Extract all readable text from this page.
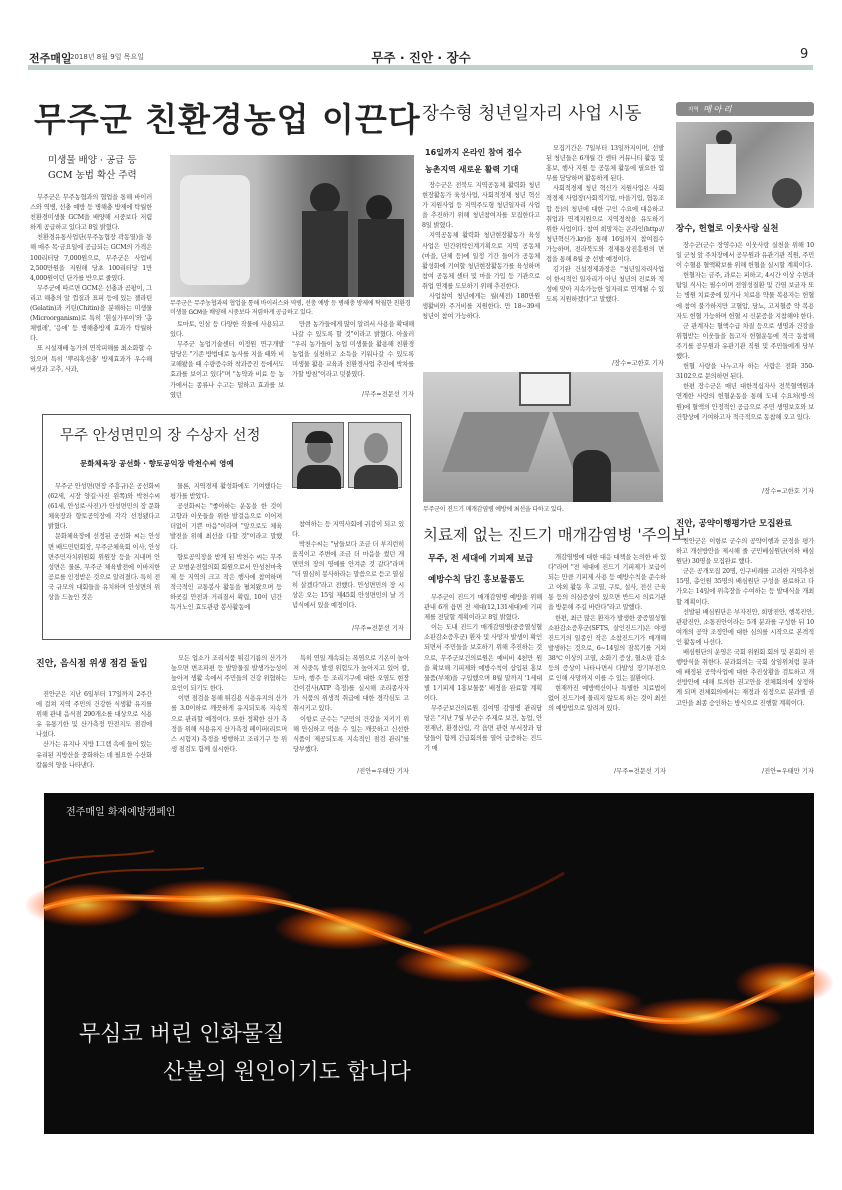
전주매일
2018년 8월 9일 목요일	무주 · 진안 · 장수	9
무주군 친환경농업 이끈다
미생물 배양 · 공급 등
GCM 농법 확산 주력

무주군은 무주농협과의 협업을 통해 바이러스와 역병, 선충 예방 등 병해충 방제에 탁월한 친환경미생물 GCM을 배양해 시중보다 저렴하게 공급하고 있다고 8일 밝혔다.

친환경유통사업단(무주농협장 곽동열)을 통해 매주 목·금요일에 공급되는 GCM의 가격은 100리터당 7,000원으로, 무주군은 사업비 2,500만원을 지원해 당초 100리터당 1만4,000원이던 단가를 반으로 줄였다.

무주군에 따르면 GCM은 선충과 곰팡이, 그리고 해충의 알 껍질과 표피 등에 있는 젤라틴(Gelatin)과 키틴(Chitin)을 분해하는 미생물(Microorganism)로 특히 '흰실가루이'와 '총채벌레', '응애' 등 병해충방제 효과가 탁월하다.

또 시설재배 농가의 연작피해를 최소화할 수 있으며 특히 '뿌리혹선충' 방제효과가 우수해 버섯과 고추, 사과,

무주군은 무주농협과의 협업을 통해 바이러스와 역병, 선충 예방 등 병해충 방제에 탁월한 친환경미생물 GCM을 배양해 시중보다 저렴하게 공급하고 있다.

토마토, 인삼 등 다양한 작물에 사용되고 있다.

무주군 농업기술센터 이정원 연구개발 담당은 "기존 방법대로 농사를 지을 때와 비교해봤을 때 수량증수와 착과증진 등에서도 효과를 보이고 있다"며 "농약과 비료 등 농가에서는 종류나 수고는 덜하고 효과를 보였던

만큼 농가들에게 많이 알려서 사용을 확대해 나갈 수 있도록 할 것"이라고 밝혔다. 아울러 "우리 농가들이 농업 미생물을 활용해 친환경농업을 실천하고 소득을 키워나갈 수 있도록 미생물 활용 교육과 친환경사업 추진에 박차를 가할 방침"이라고 덧붙였다.

/무주=전문선 기자
장수형 청년일자리 사업 시동
16일까지 온라인 참여 접수
농촌지역 새로운 활력 기대

장수군은 전북도 지역공동체 활력화 청년현장활동가 육성사업, 사회적경제 청년 혁신가 지원사업 등 지역주도형 청년일자리 사업을 추진하기 위해 청년참여자를 모집한다고 8일 밝혔다.

지역공동체 활력화 청년현장활동가 육성사업은 민간위탁인계기획으로 지역 공동체(마을, 단체 등)에 일정 기간 들어가 공동체 활성화에 기여할 청년현장활동가를 육성하며 참여 공동체 센터 및 마을 가입 등 기관으로 취업 연계를 도모하기 위해 추진한다.

사업참여 청년에게는 월(세전) 180만원 생활비와 주거비를 지원한다. 만 18~39세 청년이 참여 가능하다.

모집기간은 7일부터 13일까지이며, 선발된 청년들은 6개월 간 센터 커뮤니티 활동 및 홍보, 행사 지원 등 공동체 활동에 필요한 업무를 담당하며 활동하게 된다.

사회적경제 청년 혁신가 지원사업은 사회적경제 사업장(사회적기업, 마을기업, 협동조합 등)의 청년에 대한 구인 수요에 대응하고 취업과 연계지원으로 지역정착을 유도하기 위한 사업이다. 참여 희망자는 온라인(http://청년혁신가.kr)을 통해 16일까지 참여접수 가능하며, 전라북도와 경제통상진흥원의 면접을 통해 8월 중 선발 예정이다.

김기완 건설경제과장은 "청년일자리사업이 한시적인 일자리가 아닌 청년의 진로와 적성에 맞아 지속가능한 일자리로 연계될 수 있도록 지원하겠다"고 말했다.

/장수=고한호 기자
무주군이 진드기 매개감염병 예방에 최선을 다하고 있다.
지역 메아리
장수, 헌혈로 이웃사랑 실천

장수군(군수 장영수)은 이웃사랑 실천을 위해 10일 군청 앞 주차장에서 공무원과 유관기관 직원, 주민이 수혈용 혈액확보를 위해 헌혈을 실시할 계획이다.

헌혈자는 금주, 과로는 피하고, 4시간 이상 수면과 탐일 식사는 필수이며 전염성질환 및 간염 보균자 또는 병원 치료중에 있거나 치료용 약물 복용자는 헌혈에 참여 불가하지만 고혈압, 당뇨, 고지혈증 약 복용자도 헌혈 가능하며 헌혈 시 신분증을 지참해야 한다.

군 관계자는 혈액수급 차질 등으로 생명과 건강을 위협받는 이웃들을 돕고자 헌혈운동에 적극 동참해주기를 공무원과 유관기관 직원 및 주민들에게 당부했다.

헌혈 사랑을 나누고자 하는 사람은 전화 350-3102으로 문의하면 된다.

한편 장수군은 매년 대한적십자사 전북혈액원과 연계한 사랑의 헌혈운동을 통해 도내 수요처(병·의원)에 혈액의 안정적인 공급으로 주민 생명보호와 보건향상에 기여하고자 적극적으로 동참해 오고 있다.

/장수=고한호 기자
무주 안성면민의 장 수상자 선정
문화체육장 공선화 · 향토공익장 박천수씨 영예

무주군 안성면(면장 주흥규)은 공선화씨(62세, 시장 양길·사진 왼쪽)와 박천수씨(61세, 안성로·사진)가 안성면민의 장 문화체육장과 향토공익장에 각각 선정됐다고 밝혔다.

문화체육장에 선정된 공선화 씨는 안성면 배드민턴회장, 무주군체육회 이사, 안성면주민자치위원회 위원장 등을 지내며 안성면은 물론, 무주군 체육발전에 이바지한 공로를 인정받은 것으로 알려졌다. 특히 전국 규모의 대회들을 유치하며 안성면의 위상을 드높인 것은

물론, 지역경제 활성화에도 기여했다는 평가를 받았다.

공선화씨는 "좋아하는 운동을 한 것이 고향과 이웃들을 위한 발걸음으로 이어져 더없이 기쁜 마음"이라며 "앞으로도 체육발전을 위해 최선을 다할 것"이라고 말했다.

향토공익장을 받게 된 박천수 씨는 무주군 모범운전협의회 회원으로서 안성천마축제 등 지역의 크고 작은 행사에 참여하며 적극적인 교통봉사 활동을 펼쳐왔으며 등하굣길 안전과 거리질서 확립, 10여 년간 독거노인 효도관광 봉사활동에

참여하는 등 지역사회에 귀감이 되고 있다.

박천수씨는 "남들보다 조금 더 부지런히 움직이고 주변에 조금 더 마음을 썼던 게 면민의 장의 영예를 안겨준 것 같다"라며 "더 열심히 봉사하라는 말씀으로 듣고 열심히 살겠다"라고 전했다. 안성면민의 장 시상은 오는 15일 제45회 안성면민의 날 기념식에서 있을 예정이다.

/무주=전문선 기자
치료제 없는 진드기 매개감염병 '주의보'
무주, 전 세대에 기피제 보급
예방수칙 담긴 홍보물품도

무주군이 진드기 매개감염병 예방을 위해 관내 6개 읍면 전 세대(12,131세대)에 기피제를 전달할 계획이라고 8일 밝혔다.

이는 도내 진드기 매개감염병(중증열성혈소판감소증후군) 환자 및 사망자 발생이 확인되면서 주민들을 보호하기 위해 추진하는 것으로, 무주군보건의료원은 예비비 4천만 원을 확보해 기피제와 예방수칙이 삽입된 홍보물품(부채)을 구입했으며 8월 말까지 '1세대별 1기피제 1홍보물품' 배정을 완료할 계획이다.

무주군보건의료원 김여명 감염병 관리담당은 "지난 7월 부군수 주재로 보건, 농업, 안전재난, 환경산림, 각 읍면 관련 부서장과 담당들이 함께 긴급회의를 열어 급증하는 진드기 매

개감염병에 대한 대응 대책을 논의한 바 있다"라며 "전 세대에 진드기 기피제가 보급이 되는 만큼 기피제 사용 등 예방수칙을 준수하고 야외 활동 후 고열, 구토, 설사, 전신 근육통 등의 의심증상이 있으면 반드시 의료기관을 방문해 주길 바란다"라고 말했다.

한편, 최근 많은 환자가 발생한 중증열성혈소판감소증후군(SFTS, 살인진드기)은 야생진드기의 일종인 작은 소참진드기가 매개해 발생하는 것으로, 6~14일의 잠복기를 거쳐 38℃ 이상의 고열, 소화기 증상, 혈소판 감소 등의 증상이 나타나면서 다발성 장기부전으로 인해 사망까지 이를 수 있는 질환이다.

현재까진 예방백신이나 특별한 치료법이 없어 진드기에 물리지 않도록 하는 것이 최선의 예방법으로 알려져 있다.

/무주=전문선 기자
진안, 공약이행평가단 모집완료

진안군은 이항로 군수의 공약이행과 군정을 평가하고 개선방안을 제시해 줄 군민배심원단(이하 배심원단) 30명을 모집완료 했다.

군은 공개모집 20명, 인구비례를 고려한 지역추천 15명, 총인원 35명의 배심원단 구성을 완료하고 다가오는 14일에 위촉장을 수여하는 등 발대식을 개최할 계획이다.

선발된 배심원단은 부자진안, 희망진안, 행복진안, 관광진안, 소통진안이라는 5개 분과를 구성한 뒤 10여개의 공약 조정안에 대한 심의를 시작으로 본격적인 활동에 나선다.

배심원단의 운영은 국회 위원회 회의 및 본회의 진행방식을 취한다. 분과회의는 국회 상임위처럼 분과에 배정된 공약사업에 대한 추진상황을 검토하고 개선방안에 대해 토의한 권고안을 전체회의에 상정하게 되며 전체회의에서는 재정과 심정으로 분과별 권고안을 최종 승인하는 방식으로 진행할 계획이다.

/진안=우태만 기자
진안, 음식점 위생 점검 돌입

진안군은 지난 6일부터 17일까지 2주간에 걸쳐 지역 주민의 건강한 식생활 유지를 위해 관내 음식점 290개소를 대상으로 식용유 유통기한 및 산가측정 안전지도 점검에 나섰다.

산가는 유지나 지방 1그램 속에 들어 있는 유리된 지방산을 중화하는 데 필요한 수산화칼륨의 양을 나타낸다.

모든 업소가 조리식품 튀김기름의 산가가 높으면 변조파편 등 발암물질 발생가능성이 높아져 생활 속에서 주민들의 건강 위협하는 요인이 되기도 한다.

이번 점검을 통해 튀김용 식용유지의 산가를 3.0이하로 깨끗하게 유지되도록 지속적으로 관리할 예정이다. 또한 정확한 산가 측정을 위해 식용유지 산가측정 페이퍼(리트머스 시험지) 측정을 병행하고 조리기구 등 위생 점검도 함께 실시한다.

특히 연일 계속되는 폭염으로 기온이 높아져 식중독 발생 위험도가 높아지고 있어 칼, 도마, 행주 등 조리기구에 대한 오염도 현장 간이검사(ATP 측정)를 실시해 조리종사자가 식품의 위생적 취급에 대한 경각심도 고취시키고 있다.

이항로 군수는 "군민의 건강을 지키기 위해 안심하고 먹을 수 있는 깨끗하고 신선한 식품이 제공되도록 지속적인 점검 관리"를 당부했다.

/진안=우태만 기자
전주매일 화재예방캠페인
무심코 버린 인화물질
산불의 원인이기도 합니다
